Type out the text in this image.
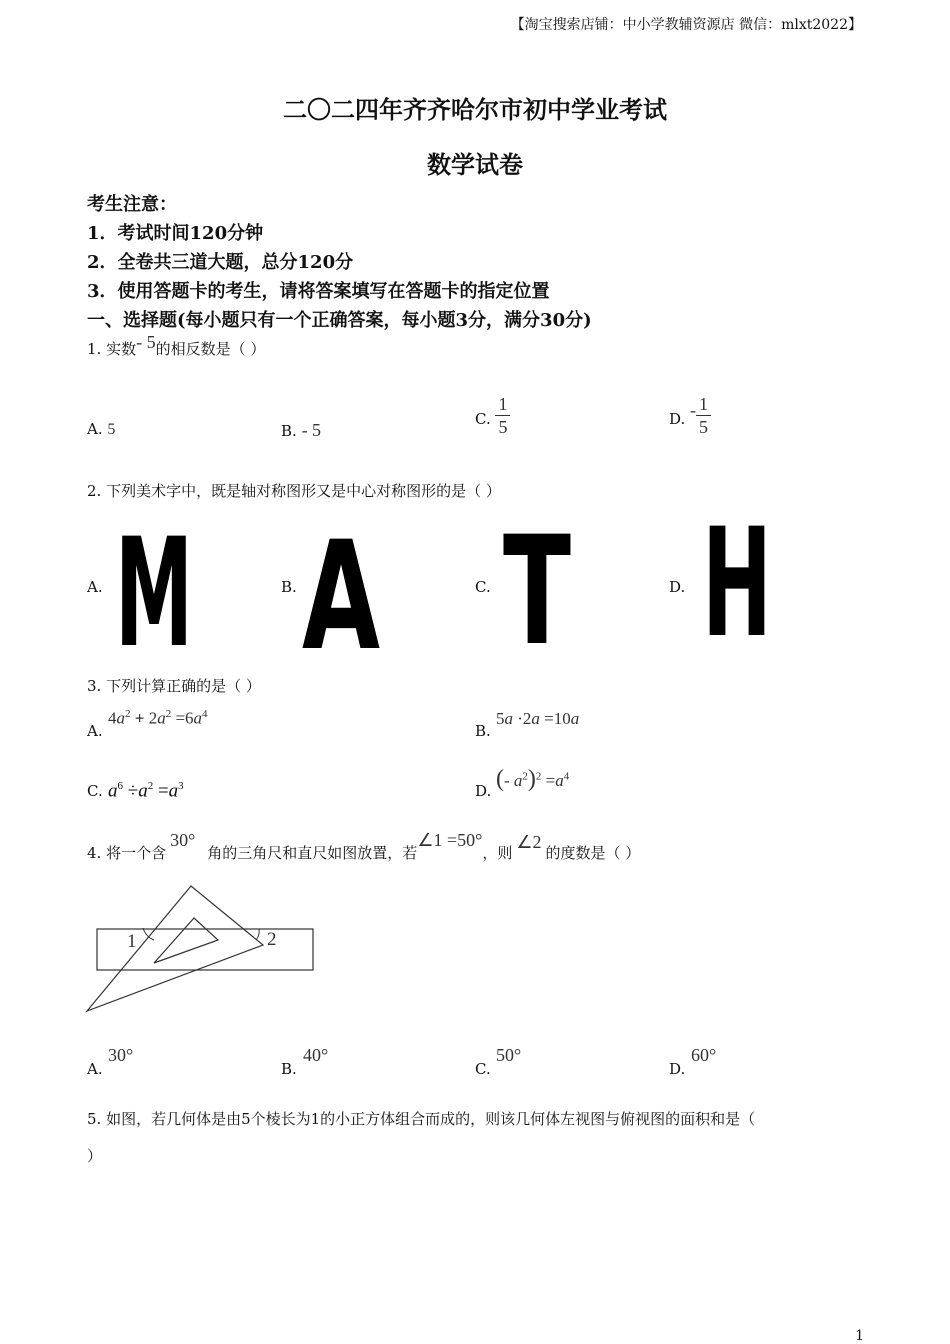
【淘宝搜索店铺：中小学教辅资源店 微信：mlxt2022】
二〇二四年齐齐哈尔市初中学业考试
数学试卷
考生注意：
1．考试时间120分钟
2．全卷共三道大题，总分120分
3．使用答题卡的考生，请将答案填写在答题卡的指定位置
一、选择题(每小题只有一个正确答案，每小题3分，满分30分)
1. 实数- 5的相反数是（ ）
A. 5	B. - 5
C. $\frac{1}{5}$	D. - $\frac{1}{5}$
2. 下列美术字中，既是轴对称图形又是中心对称图形的是（ ）
A. M	B. A	C. T	D. H
3. 下列计算正确的是（ ）
A.
$4a^2 + 2a^2 =6a^4$
B.
5a ·2a =10a
C. $a^6 \div a^2 =a^3$	D. (- $a^2)^2 =a^4$
4. 将一个含30°角的三角尺和直尺如图放置，若∠1 =50°，则∠2的度数是（ ）
1	2
A.
30°
B.
40°
C.
50°
D.
60°
5. 如图，若几何体是由5个棱长为1的小正方体组合而成的，则该几何体左视图与俯视图的面积和是（
）
1
